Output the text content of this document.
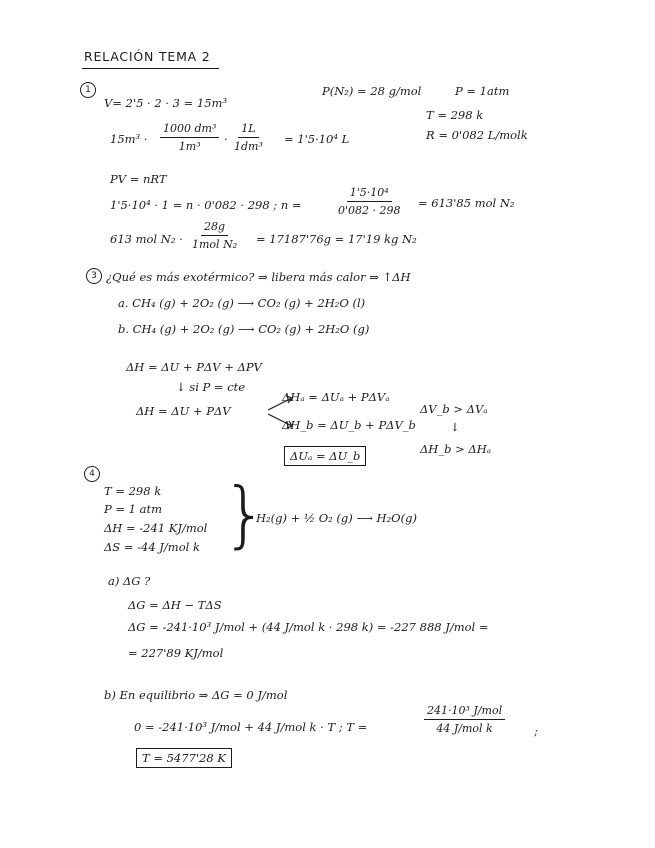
RELACIÓN TEMA 2
1
V= 2'5 · 2 · 3 = 15m³
P(N₂) = 28 g/mol	P = 1atm
T = 298 k
R = 0'082 L/molk
$15m^3 \cdot \frac{\text{1000 dm³}}{\text{1m³}} \cdot \frac{1L}{\text{1dm³}} = 1'5\cdot 10^4$ L
PV = nRT
1'5·10⁴ · 1 = n · 0'082 · 298 ; n =	$\frac{\text{1'5·10⁴}}{0'082 \cdot 298} = 613'85$ mol N₂
613 mol N₂ ·
28g
1mol N₂ = 17187'76g = 17'19 kg N₂
3 ¿Qué es más exotérmico? ⇒ libera más calor ⇒ ↑ΔH
a. CH₄ (g) + 2O₂ (g) ⟶ CO₂ (g) + 2H₂O (l)
b. CH₄ (g) + 2O₂ (g) ⟶ CO₂ (g) + 2H₂O (g)
ΔH = ΔU + PΔV + ΔPV
↓ si P = cte
ΔH = ΔU + PΔV
ΔHₐ = ΔUₐ + PΔVₐ
ΔH_b = ΔU_b + PΔV_b
ΔUₐ = ΔU_b
ΔV_b > ΔVₐ
↓
ΔH_b > ΔHₐ
4
T = 298 k
P = 1 atm
ΔH = -241 KJ/mol
ΔS = -44 J/mol k }
H₂(g) + ½ O₂ (g) ⟶ H₂O(g)
a) ΔG ?
ΔG = ΔH − TΔS
ΔG = -241·10³ J/mol + (44 J/mol k · 298 k) = -227 888 J/mol =
= 227'89 KJ/mol
b) En equilibrio ⇒ ΔG = 0 J/mol
0 = -241·10³ J/mol + 44 J/mol k · T ; T =
241·10³ J/mol
44 J/mol k	;
T = 5477'28 K
